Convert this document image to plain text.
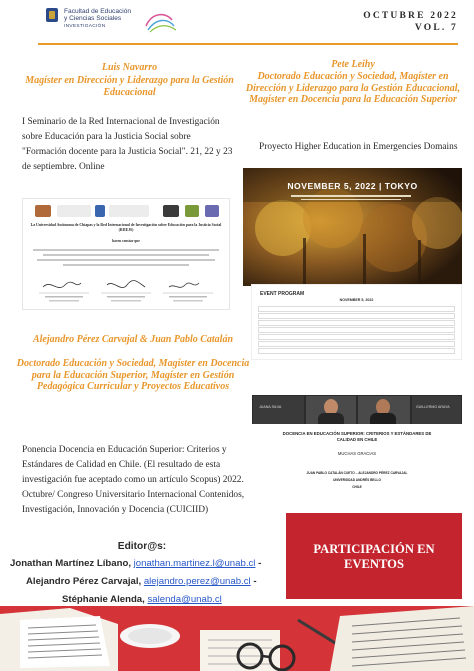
Facultad de Educación
y Ciencias Sociales
INVESTIGACIÓN
OCTUBRE 2022
VOL. 7
Luis Navarro
Magíster en Dirección y Liderazgo para la Gestión Educacional
I Seminario de la Red Internacional de Investigación sobre Educación para la Justicia Social sobre "Formación docente para la Justicia Social". 21, 22 y 23 de septiembre. Online
Pete Leihy
Doctorado Educación y Sociedad, Magíster en Dirección y Liderazgo para la Gestión Educacional, Magíster en Docencia para la Educación Superior
Proyecto Higher Education in Emergencies Domains
La Universidad Autónoma de Chiapas y la Red Internacional de Investigación sobre Educación para la Justicia Social (RIIEJS)
hacen constar que
NOVEMBER 5, 2022 | TOKYO
EVENT PROGRAM
NOVEMBER 5, 2022
Alejandro Pérez Carvajal & Juan Pablo Catalán
Doctorado Educación y Sociedad, Magíster en Docencia para la Educación Superior, Magíster en Gestión Pedagógica Curricular y Proyectos Educativos
Ponencia Docencia en Educación Superior: Criterios y Estándares de Calidad en Chile. (El resultado de esta investigación fue aceptado como un artículo Scopus) 2022. Octubre/ Congreso Universitario Internacional Contenidos, Investigación, Innovación y Docencia (CUICIID)
JUANA SILVA	GUILLERMO ARAYA
DOCENCIA EN EDUCACIÓN SUPERIOR: CRITERIOS Y ESTÁNDARES DE
CALIDAD EN CHILE
MUCHAS GRACIAS
JUAN PABLO CATALÁN CUETO – ALEJANDRO PÉREZ CARVAJAL
UNIVERSIDAD ANDRÉS BELLO
CHILE
Editor@s:
Jonathan Martínez Líbano, jonathan.martinez.l@unab.cl -
Alejandro Pérez Carvajal, alejandro.perez@unab.cl -
Stéphanie Alenda, salenda@unab.cl
PARTICIPACIÓN EN
EVENTOS
